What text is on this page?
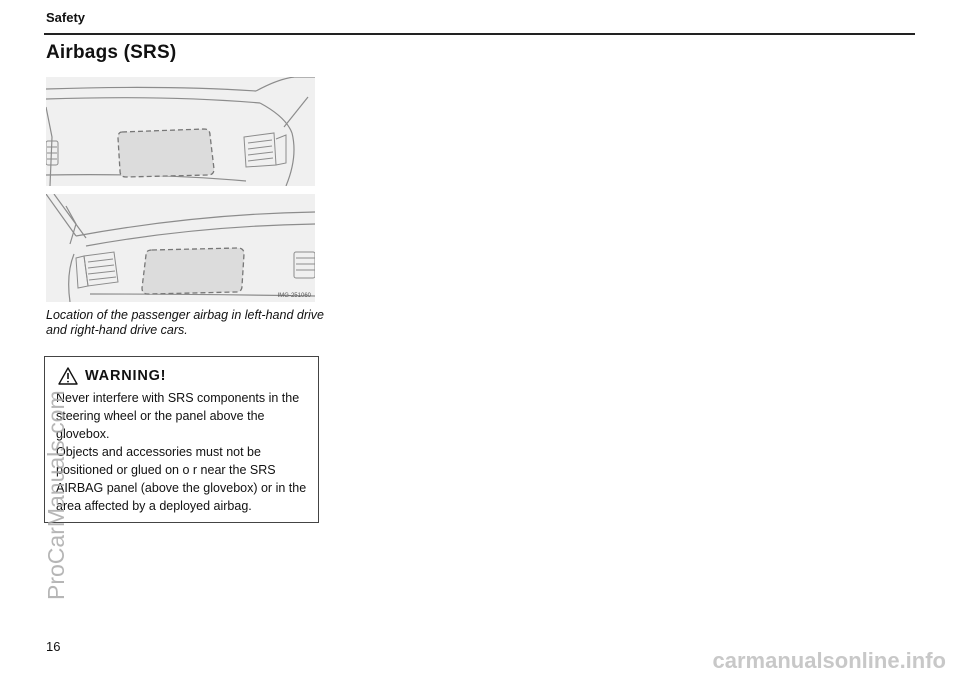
Safety
Airbags (SRS)
IMG-251060
Location of the passenger airbag in left-hand drive and right-hand drive cars.
WARNING!

Never interfere with SRS components in the steering wheel or the panel above the glovebox.

Objects and accessories must not be positioned or glued on o r near the SRS AIRBAG panel (above the glovebox) or in the area affected by a deployed airbag.

16
ProCarManuals.com
carmanualsonline.info
